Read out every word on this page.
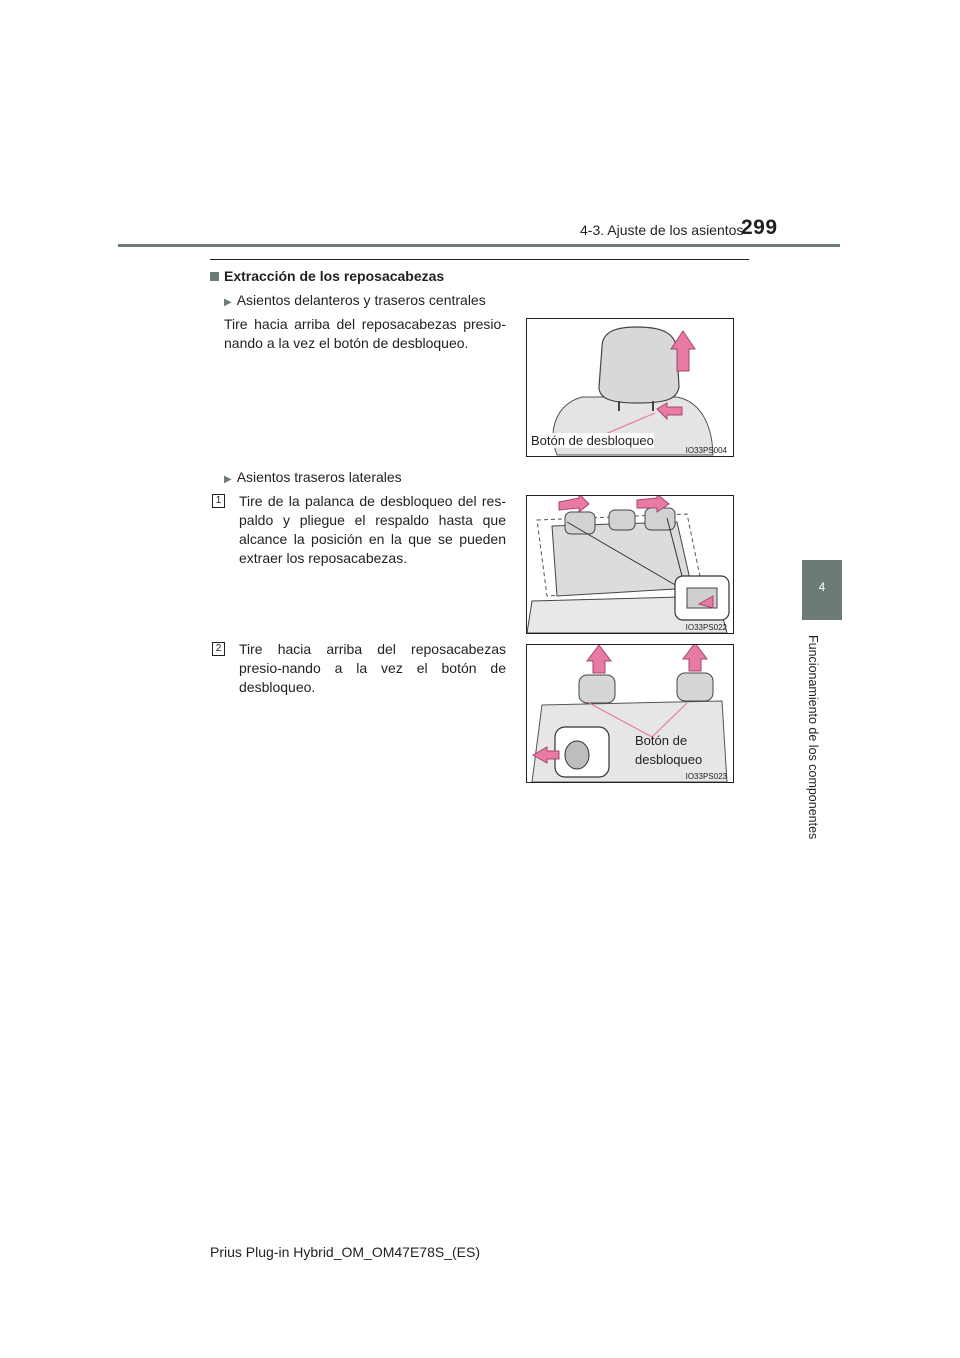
4-3. Ajuste de los asientos
299
4
Funcionamiento de los componentes
Extracción de los reposacabezas
▶ Asientos delanteros y traseros centrales
Tire hacia arriba del reposacabezas presio-nando a la vez el botón de desbloqueo.
Botón de desbloqueo
IO33PS004
▶ Asientos traseros laterales
1 Tire de la palanca de desbloqueo del res-paldo y pliegue el respaldo hasta que alcance la posición en la que se pueden extraer los reposacabezas.
IO33PS022
2 Tire hacia arriba del reposacabezas presio-nando a la vez el botón de desbloqueo.
Botón de
desbloqueo
IO33PS023
Prius Plug-in Hybrid_OM_OM47E78S_(ES)
